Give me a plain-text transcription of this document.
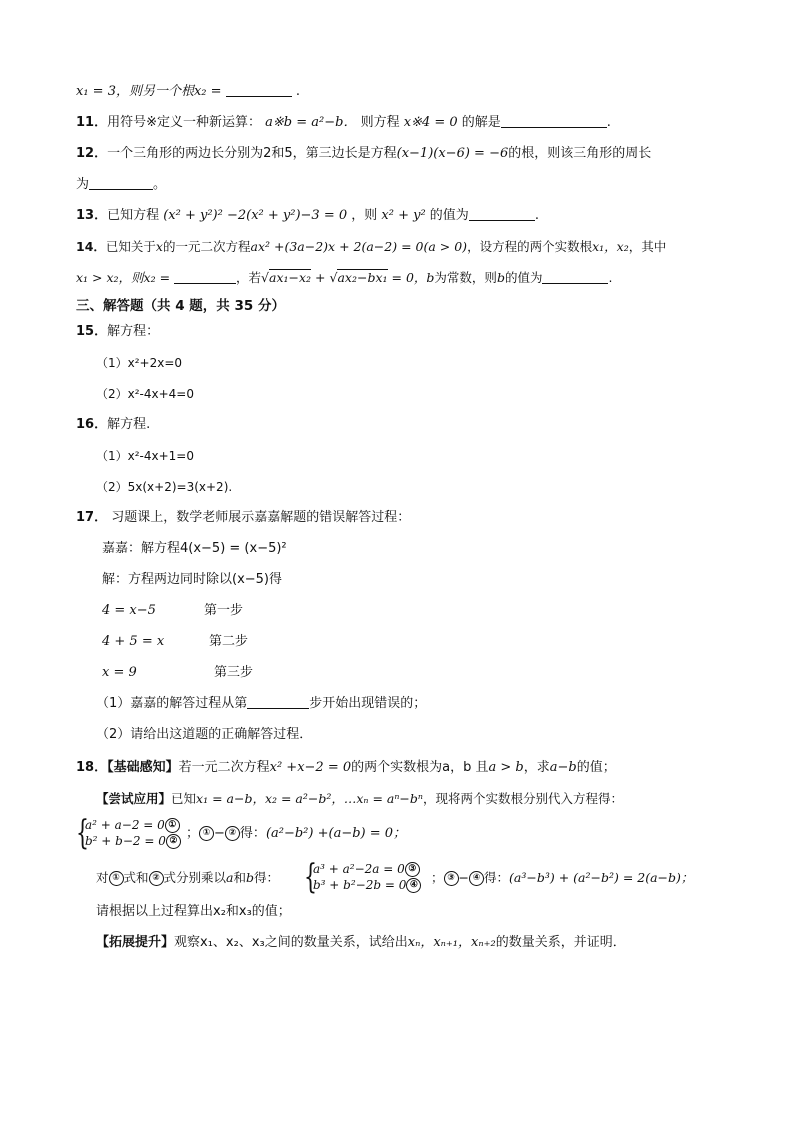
x₁ = 3，则另一个根x₂ =	.
11．用符号※定义一种新运算： a※b = a²−b． 则方程 x※4 = 0 的解是	.
12．一个三角形的两边长分别为2和5，第三边长是方程(x−1)(x−6) = −6的根，则该三角形的周长
为	。
13．已知方程 (x² + y²)² −2(x² + y²)−3 = 0 ，则 x² + y² 的值为	.
14．已知关于x的一元二次方程ax² +(3a−2)x + 2(a−2) = 0(a > 0)，设方程的两个实数根x₁，x₂，其中
x₁ > x₂，则x₂ =	，若√ax₁−x₂ + √ax₂−bx₁ = 0，b为常数，则b的值为	.
三、解答题（共 4 题，共 35 分）
15．解方程：
（1）x²+2x=0
（2）x²-4x+4=0
16．解方程.
（1）x²-4x+1=0
（2）5x(x+2)=3(x+2).
17． 习题课上，数学老师展示嘉嘉解题的错误解答过程：
嘉嘉：解方程4(x−5) = (x−5)²
解：方程两边同时除以(x−5)得
4 = x−5	第一步
4 + 5 = x	第二步
x = 9	第三步
（1）嘉嘉的解答过程从第	步开始出现错误的；
（2）请给出这道题的正确解答过程．
18．【基础感知】若一元二次方程x² +x−2 = 0的两个实数根为a，b 且a > b，求a−b的值；
【尝试应用】已知x₁ = a−b，x₂ = a²−b²，…xₙ = aⁿ−bⁿ，现将两个实数根分别代入方程得：
{
a² + a−2 = 0 ①
b² + b−2 = 0 ② ； ① − ② 得：(a²−b²) +(a−b) = 0；
对 ① 式和 ② 式分别乘以a和b得： {
a³ + a²−2a = 0 ③
b³ + b²−2b = 0 ④ ； ③ − ④ 得：(a³−b³) + (a²−b²) = 2(a−b)；
请根据以上过程算出x₂和x₃的值；
【拓展提升】观察x₁、x₂、x₃之间的数量关系，试给出xₙ，xₙ₊₁，xₙ₊₂的数量关系，并证明．
